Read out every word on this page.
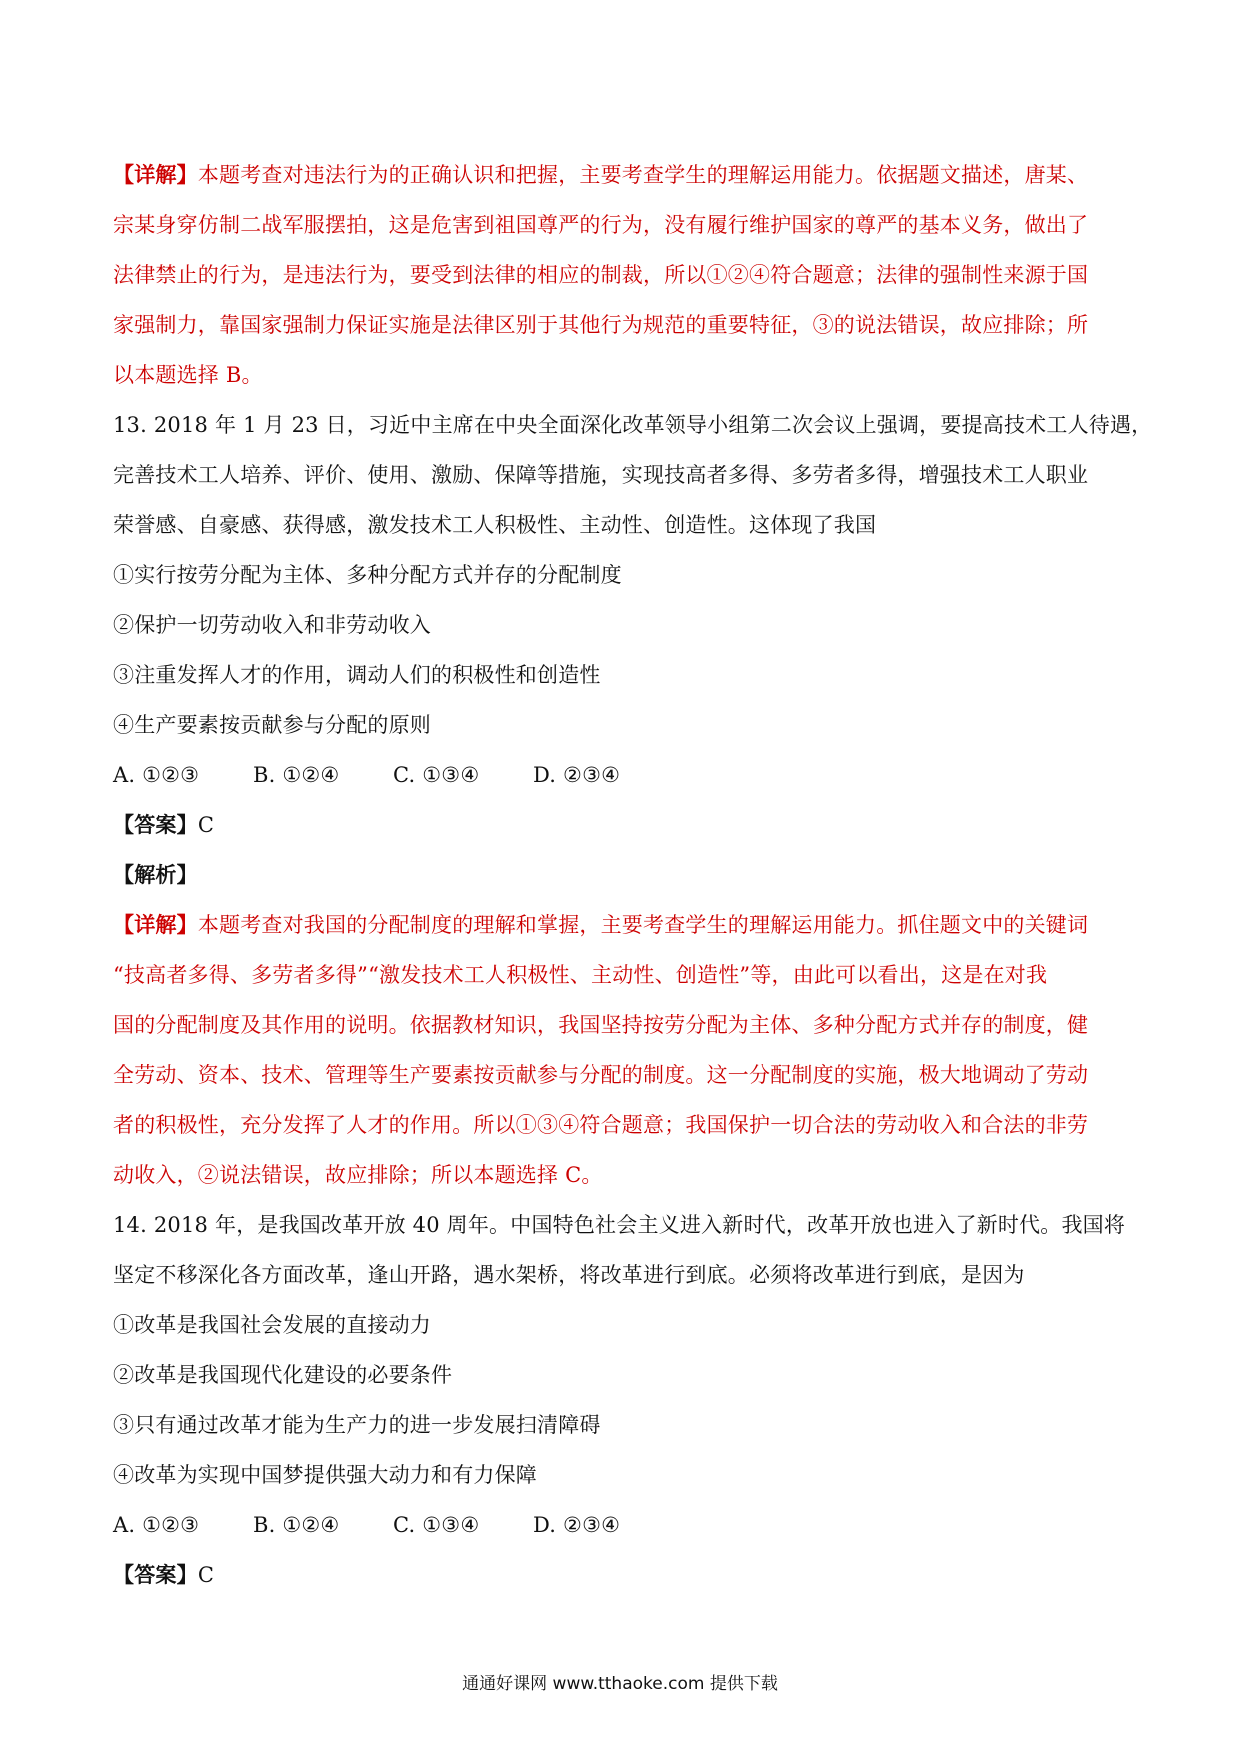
【详解】本题考查对违法行为的正确认识和把握，主要考查学生的理解运用能力。依据题文描述，唐某、
宗某身穿仿制二战军服摆拍，这是危害到祖国尊严的行为，没有履行维护国家的尊严的基本义务，做出了
法律禁止的行为，是违法行为，要受到法律的相应的制裁，所以①②④符合题意；法律的强制性来源于国
家强制力，靠国家强制力保证实施是法律区别于其他行为规范的重要特征，③的说法错误，故应排除；所
以本题选择 B。
13. 2018 年 1 月 23 日，习近中主席在中央全面深化改革领导小组第二次会议上强调，要提高技术工人待遇，
完善技术工人培养、评价、使用、激励、保障等措施，实现技高者多得、多劳者多得，增强技术工人职业
荣誉感、自豪感、获得感，激发技术工人积极性、主动性、创造性。这体现了我国
①实行按劳分配为主体、多种分配方式并存的分配制度
②保护一切劳动收入和非劳动收入
③注重发挥人才的作用，调动人们的积极性和创造性
④生产要素按贡献参与分配的原则
A. ①②③	B. ①②④	C. ①③④	D. ②③④
【答案】C
【解析】
【详解】本题考查对我国的分配制度的理解和掌握，主要考查学生的理解运用能力。抓住题文中的关键词
“技高者多得、多劳者多得”“激发技术工人积极性、主动性、创造性”等，由此可以看出，这是在对我
国的分配制度及其作用的说明。依据教材知识，我国坚持按劳分配为主体、多种分配方式并存的制度，健
全劳动、资本、技术、管理等生产要素按贡献参与分配的制度。这一分配制度的实施，极大地调动了劳动
者的积极性，充分发挥了人才的作用。所以①③④符合题意；我国保护一切合法的劳动收入和合法的非劳
动收入，②说法错误，故应排除；所以本题选择 C。
14. 2018 年，是我国改革开放 40 周年。中国特色社会主义进入新时代，改革开放也进入了新时代。我国将
坚定不移深化各方面改革，逢山开路，遇水架桥，将改革进行到底。必须将改革进行到底，是因为
①改革是我国社会发展的直接动力
②改革是我国现代化建设的必要条件
③只有通过改革才能为生产力的进一步发展扫清障碍
④改革为实现中国梦提供强大动力和有力保障
A. ①②③	B. ①②④	C. ①③④	D. ②③④
【答案】C
通通好课网 www.tthaoke.com 提供下载
